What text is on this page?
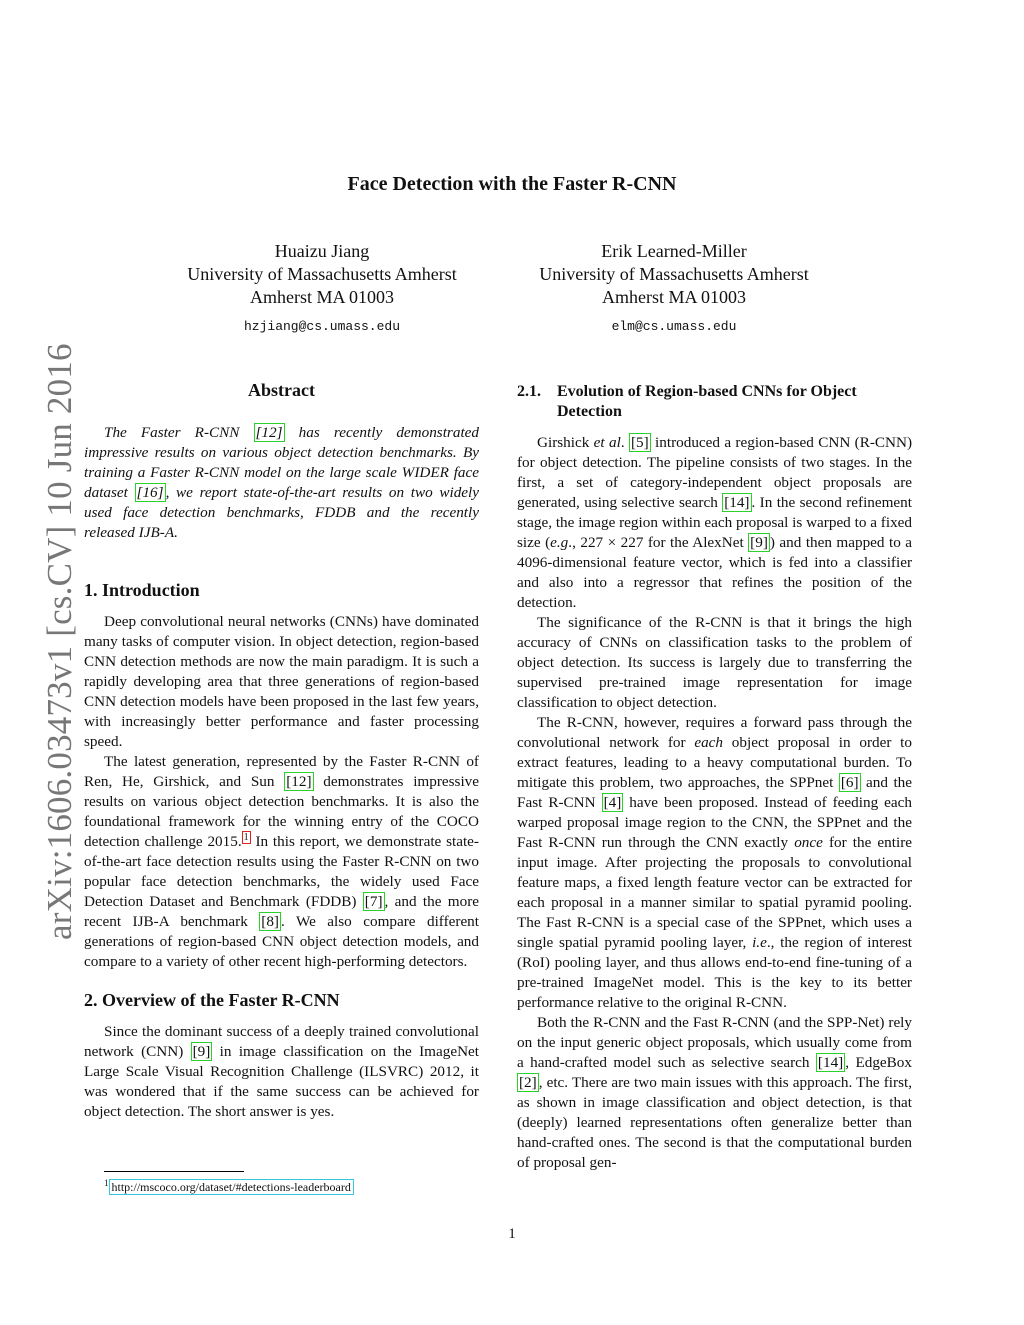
arXiv:1606.03473v1 [cs.CV] 10 Jun 2016
Face Detection with the Faster R-CNN
Huaizu Jiang
University of Massachusetts Amherst
Amherst MA 01003
hzjiang@cs.umass.edu
Erik Learned-Miller
University of Massachusetts Amherst
Amherst MA 01003
elm@cs.umass.edu
Abstract

The Faster R-CNN [12] has recently demonstrated impressive results on various object detection benchmarks. By training a Faster R-CNN model on the large scale WIDER face dataset [16] , we report state-of-the-art results on two widely used face detection benchmarks, FDDB and the recently released IJB-A.

1. Introduction

Deep convolutional neural networks (CNNs) have dominated many tasks of computer vision. In object detection, region-based CNN detection methods are now the main paradigm. It is such a rapidly developing area that three generations of region-based CNN detection models have been proposed in the last few years, with increasingly better performance and faster processing speed.

The latest generation, represented by the Faster R-CNN of Ren, He, Girshick, and Sun [12] demonstrates impressive results on various object detection benchmarks. It is also the foundational framework for the winning entry of the COCO detection challenge 2015. $^1$ In this report, we demonstrate state-of-the-art face detection results using the Faster R-CNN on two popular face detection benchmarks, the widely used Face Detection Dataset and Benchmark (FDDB) [7] , and the more recent IJB-A benchmark [8] . We also compare different generations of region-based CNN object detection models, and compare to a variety of other recent high-performing detectors.

2. Overview of the Faster R-CNN

Since the dominant success of a deeply trained convolutional network (CNN) [9] in image classification on the ImageNet Large Scale Visual Recognition Challenge (ILSVRC) 2012, it was wondered that if the same success can be achieved for object detection. The short answer is yes.

$^1$ http://mscoco.org/dataset/#detections-leaderboard
2.1. Evolution of Region-based CNNs for Object
Detection

Girshick et al. [5] introduced a region-based CNN (R-CNN) for object detection. The pipeline consists of two stages. In the first, a set of category-independent object proposals are generated, using selective search [14] . In the second refinement stage, the image region within each proposal is warped to a fixed size (e.g., 227 × 227 for the AlexNet [9] ) and then mapped to a 4096-dimensional feature vector, which is fed into a classifier and also into a regressor that refines the position of the detection.

The significance of the R-CNN is that it brings the high accuracy of CNNs on classification tasks to the problem of object detection. Its success is largely due to transferring the supervised pre-trained image representation for image classification to object detection.

The R-CNN, however, requires a forward pass through the convolutional network for each object proposal in order to extract features, leading to a heavy computational burden. To mitigate this problem, two approaches, the SPPnet [6] and the Fast R-CNN [4] have been proposed. Instead of feeding each warped proposal image region to the CNN, the SPPnet and the Fast R-CNN run through the CNN exactly once for the entire input image. After projecting the proposals to convolutional feature maps, a fixed length feature vector can be extracted for each proposal in a manner similar to spatial pyramid pooling. The Fast R-CNN is a special case of the SPPnet, which uses a single spatial pyramid pooling layer, i.e., the region of interest (RoI) pooling layer, and thus allows end-to-end fine-tuning of a pre-trained ImageNet model. This is the key to its better performance relative to the original R-CNN.

Both the R-CNN and the Fast R-CNN (and the SPP-Net) rely on the input generic object proposals, which usually come from a hand-crafted model such as selective search [14] , EdgeBox [2] , etc. There are two main issues with this approach. The first, as shown in image classification and object detection, is that (deeply) learned representations often generalize better than hand-crafted ones. The second is that the computational burden of proposal gen-

1
